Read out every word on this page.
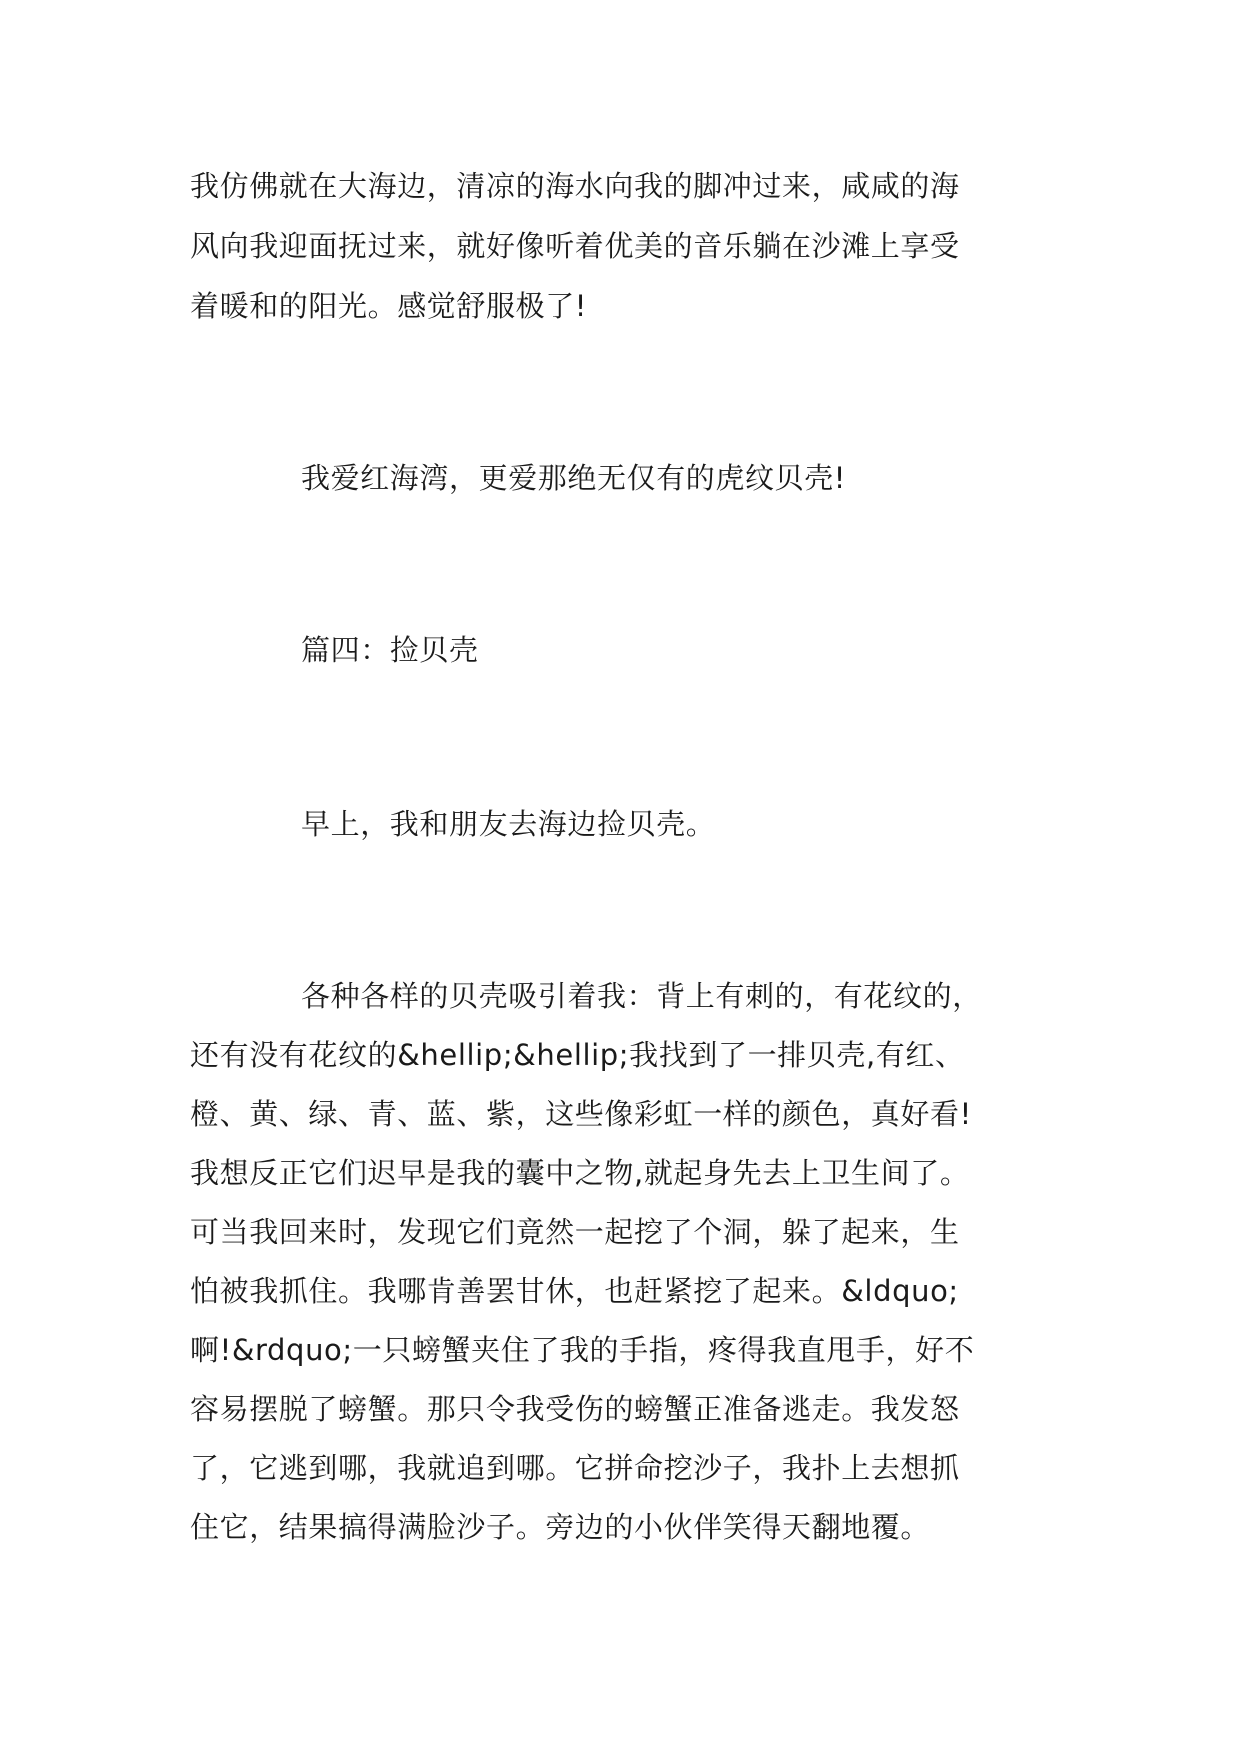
我仿佛就在大海边，清凉的海水向我的脚冲过来，咸咸的海
风向我迎面抚过来，就好像听着优美的音乐躺在沙滩上享受
着暖和的阳光。感觉舒服极了!
我爱红海湾，更爱那绝无仅有的虎纹贝壳!
篇四：捡贝壳
早上，我和朋友去海边捡贝壳。
各种各样的贝壳吸引着我：背上有刺的，有花纹的，
还有没有花纹的&hellip;&hellip;我找到了一排贝壳,有红、
橙、黄、绿、青、蓝、紫，这些像彩虹一样的颜色，真好看!
我想反正它们迟早是我的囊中之物,就起身先去上卫生间了。
可当我回来时，发现它们竟然一起挖了个洞，躲了起来，生
怕被我抓住。我哪肯善罢甘休，也赶紧挖了起来。&ldquo;
啊!&rdquo;一只螃蟹夹住了我的手指，疼得我直甩手，好不
容易摆脱了螃蟹。那只令我受伤的螃蟹正准备逃走。我发怒
了，它逃到哪，我就追到哪。它拼命挖沙子，我扑上去想抓
住它，结果搞得满脸沙子。旁边的小伙伴笑得天翻地覆。
